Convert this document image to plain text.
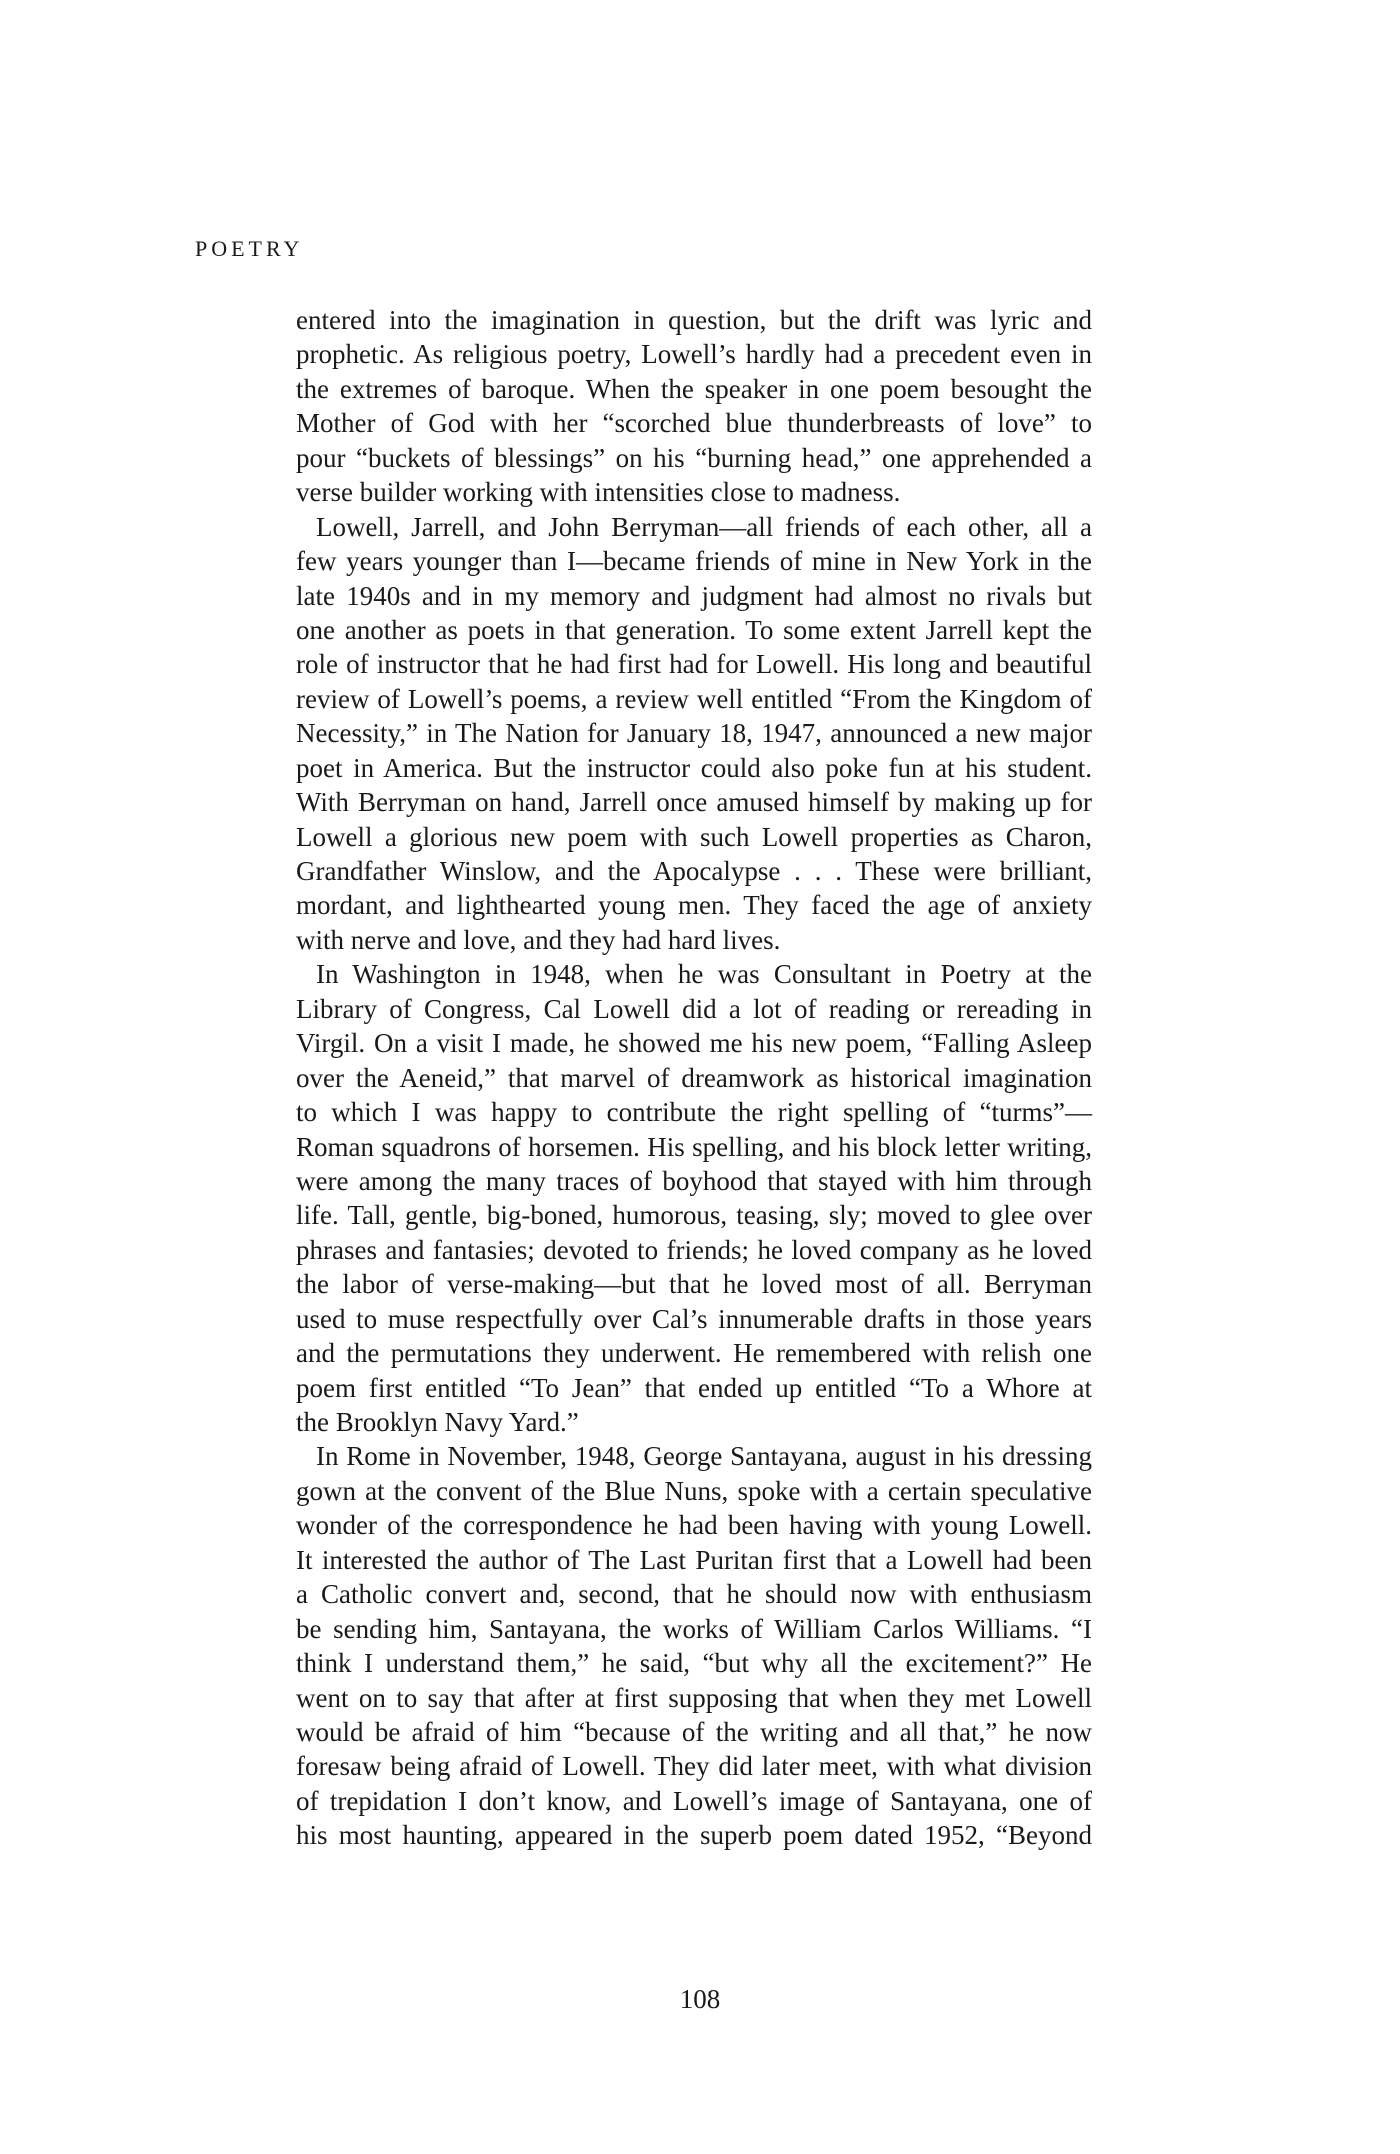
POETRY
entered into the imagination in question, but the drift was lyric and
prophetic. As religious poetry, Lowell’s hardly had a precedent even in
the extremes of baroque. When the speaker in one poem besought the
Mother of God with her “scorched blue thunderbreasts of love” to
pour “buckets of blessings” on his “burning head,” one apprehended a
verse builder working with intensities close to madness.
Lowell, Jarrell, and John Berryman—all friends of each other, all a
few years younger than I—became friends of mine in New York in the
late 1940s and in my memory and judgment had almost no rivals but
one another as poets in that generation. To some extent Jarrell kept the
role of instructor that he had first had for Lowell. His long and beautiful
review of Lowell’s poems, a review well entitled “From the Kingdom of
Necessity,” in The Nation for January 18, 1947, announced a new major
poet in America. But the instructor could also poke fun at his student.
With Berryman on hand, Jarrell once amused himself by making up for
Lowell a glorious new poem with such Lowell properties as Charon,
Grandfather Winslow, and the Apocalypse . . . These were brilliant,
mordant, and lighthearted young men. They faced the age of anxiety
with nerve and love, and they had hard lives.
In Washington in 1948, when he was Consultant in Poetry at the
Library of Congress, Cal Lowell did a lot of reading or rereading in
Virgil. On a visit I made, he showed me his new poem, “Falling Asleep
over the Aeneid,” that marvel of dreamwork as historical imagination
to which I was happy to contribute the right spelling of “turms”—
Roman squadrons of horsemen. His spelling, and his block letter writing,
were among the many traces of boyhood that stayed with him through
life. Tall, gentle, big-boned, humorous, teasing, sly; moved to glee over
phrases and fantasies; devoted to friends; he loved company as he loved
the labor of verse-making—but that he loved most of all. Berryman
used to muse respectfully over Cal’s innumerable drafts in those years
and the permutations they underwent. He remembered with relish one
poem first entitled “To Jean” that ended up entitled “To a Whore at
the Brooklyn Navy Yard.”
In Rome in November, 1948, George Santayana, august in his dressing
gown at the convent of the Blue Nuns, spoke with a certain speculative
wonder of the correspondence he had been having with young Lowell.
It interested the author of The Last Puritan first that a Lowell had been
a Catholic convert and, second, that he should now with enthusiasm
be sending him, Santayana, the works of William Carlos Williams. “I
think I understand them,” he said, “but why all the excitement?” He
went on to say that after at first supposing that when they met Lowell
would be afraid of him “because of the writing and all that,” he now
foresaw being afraid of Lowell. They did later meet, with what division
of trepidation I don’t know, and Lowell’s image of Santayana, one of
his most haunting, appeared in the superb poem dated 1952, “Beyond
108
